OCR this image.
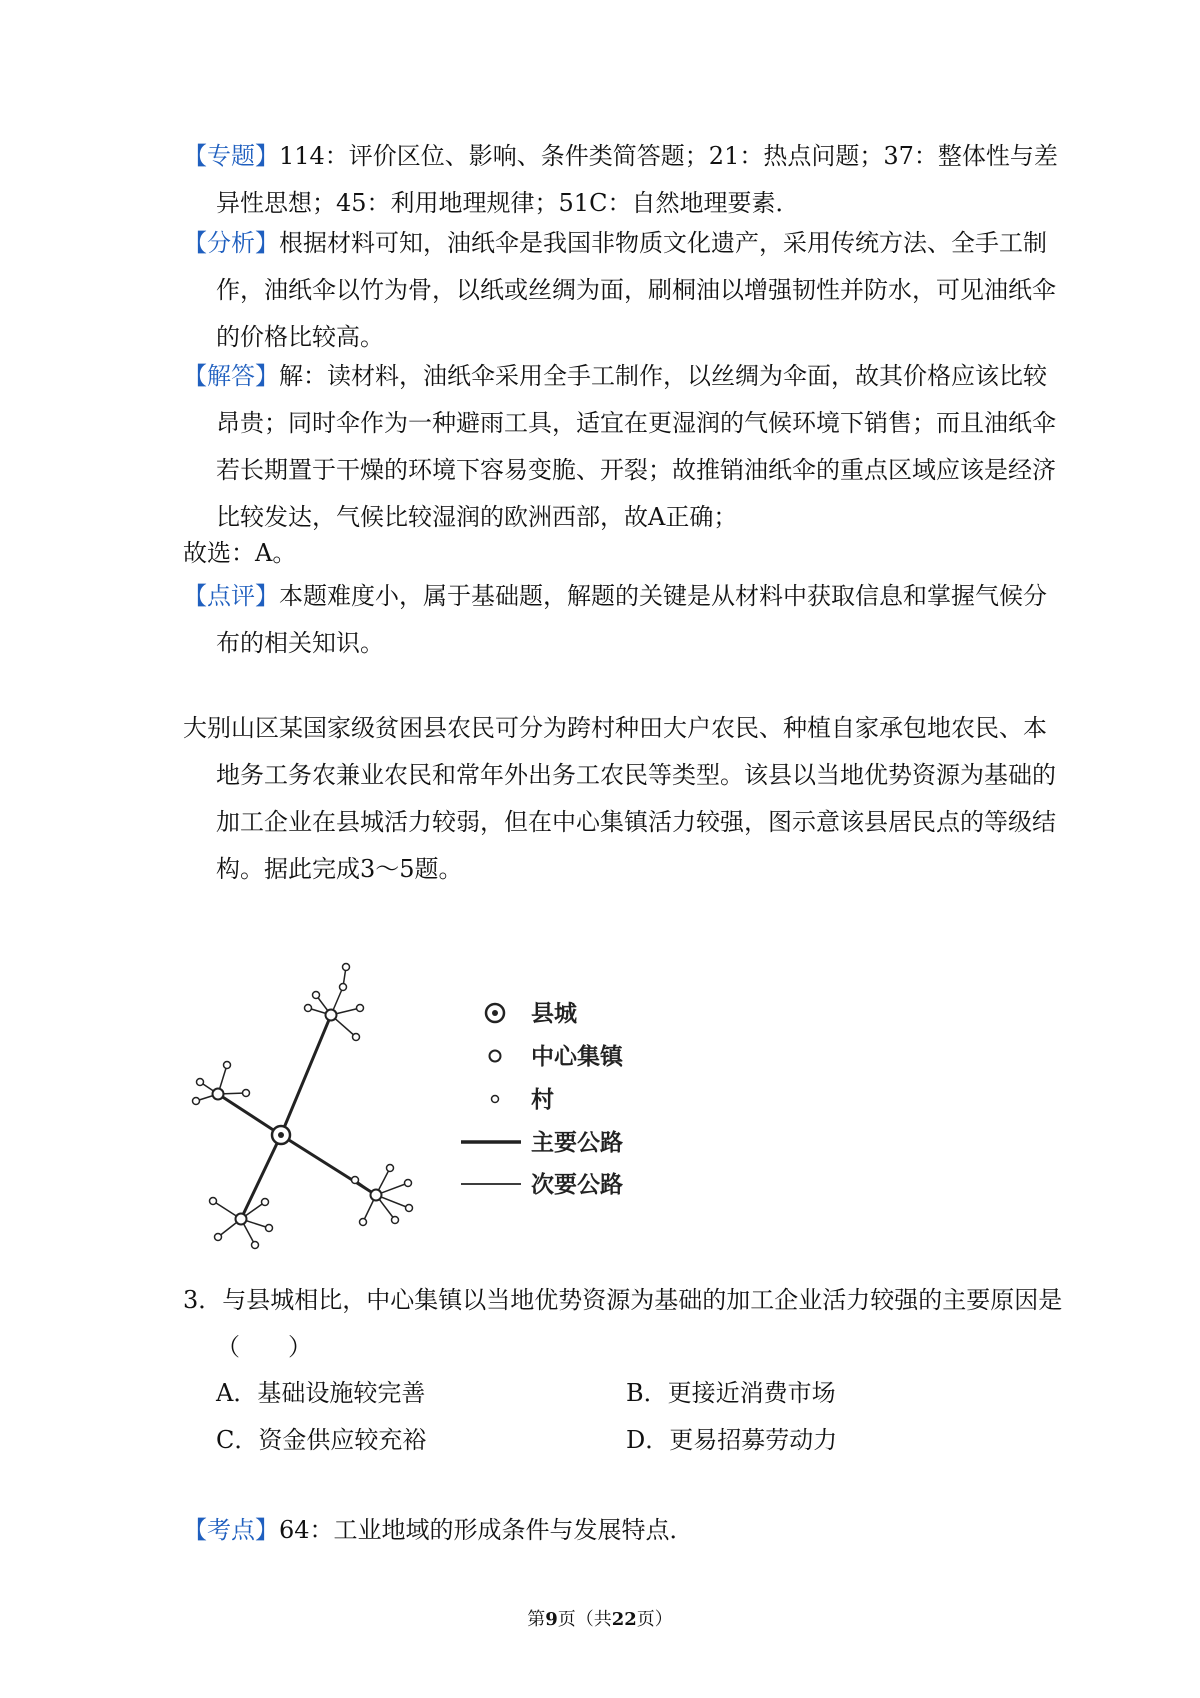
【专题】114：评价区位、影响、条件类简答题；21：热点问题；37：整体性与差异性思想；45：利用地理规律；51C：自然地理要素．
【分析】根据材料可知，油纸伞是我国非物质文化遗产，采用传统方法、全手工制作，油纸伞以竹为骨，以纸或丝绸为面，刷桐油以增强韧性并防水，可见油纸伞的价格比较高。
【解答】解：读材料，油纸伞采用全手工制作，以丝绸为伞面，故其价格应该比较昂贵；同时伞作为一种避雨工具，适宜在更湿润的气候环境下销售；而且油纸伞若长期置于干燥的环境下容易变脆、开裂；故推销油纸伞的重点区域应该是经济比较发达，气候比较湿润的欧洲西部，故A正确；
故选：A。
【点评】本题难度小，属于基础题，解题的关键是从材料中获取信息和掌握气候分布的相关知识。
大别山区某国家级贫困县农民可分为跨村种田大户农民、种植自家承包地农民、本地务工务农兼业农民和常年外出务工农民等类型。该县以当地优势资源为基础的加工企业在县城活力较弱，但在中心集镇活力较强，图示意该县居民点的等级结构。据此完成3～5题。
县城
中心集镇
村
主要公路
次要公路
3．与县城相比，中心集镇以当地优势资源为基础的加工企业活力较强的主要原因是（　　）
A．基础设施较完善	B．更接近消费市场
C．资金供应较充裕	D．更易招募劳动力
【考点】64：工业地域的形成条件与发展特点．
第9页（共22页）
